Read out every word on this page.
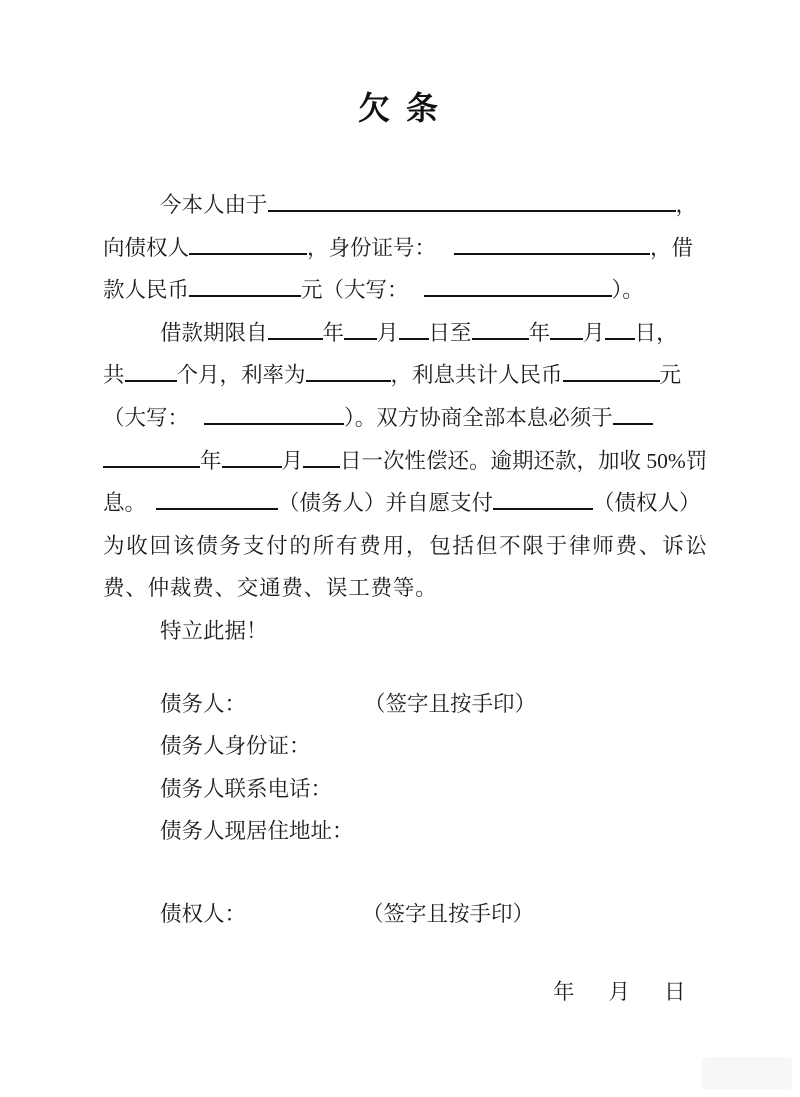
欠 条
今本人由于	，
向债权人	，身份证号：	，借
款人民币	元（大写：	）。
借款期限自	年 月 日至	年 月 日，
共 个月，利率为	，利息共计人民币	元
（大写：	）。双方协商全部本息必须于
年	月 日一次性偿还。逾期还款，加收 50%罚
息。	（债务人）并自愿支付	（债权人）
为收回该债务支付的所有费用，包括但不限于律师费、诉讼
费、仲裁费、交通费、误工费等。
特立此据！
债务人：	（签字且按手印）
债务人身份证：
债务人联系电话：
债务人现居住地址：
债权人：	（签字且按手印）
年 月 日
